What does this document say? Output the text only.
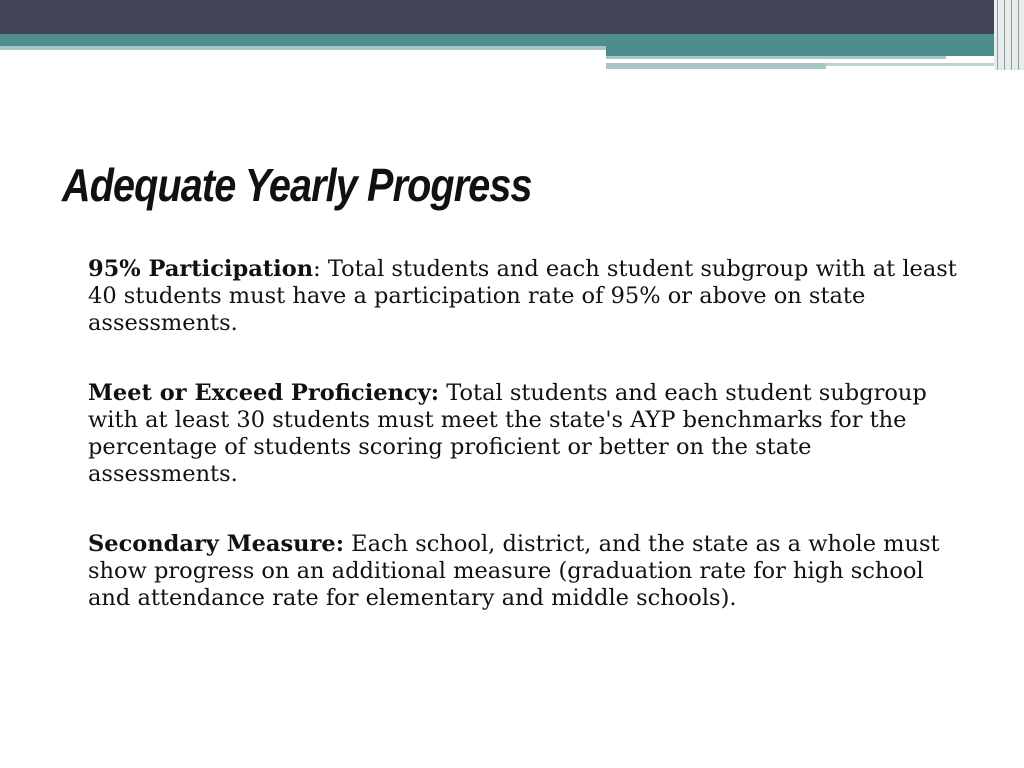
Adequate Yearly Progress

95% Participation: Total students and each student subgroup with at least 40 students must have a participation rate of 95% or above on state assessments.

Meet or Exceed Proficiency: Total students and each student subgroup with at least 30 students must meet the state's AYP benchmarks for the percentage of students scoring proficient or better on the state assessments.

Secondary Measure: Each school, district, and the state as a whole must show progress on an additional measure (graduation rate for high school and attendance rate for elementary and middle schools).
